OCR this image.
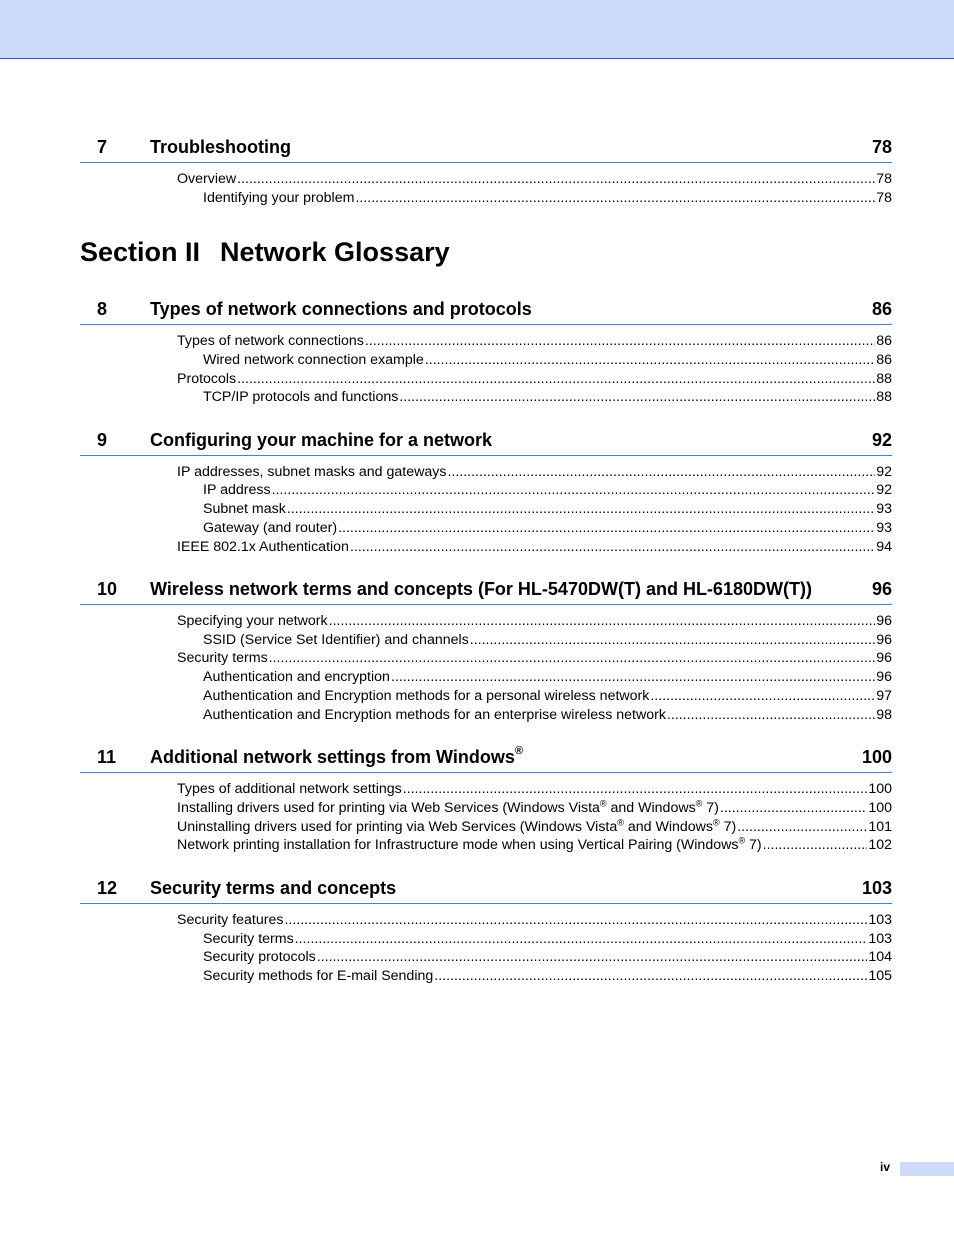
7 Troubleshooting	78
Overview .....	78
Identifying your problem .....	78
Section II Network Glossary
8 Types of network connections and protocols	86
Types of network connections .....	86
Wired network connection example .....	86
Protocols .....	88
TCP/IP protocols and functions .....	88
9 Configuring your machine for a network	92
IP addresses, subnet masks and gateways .....	92
IP address .....	92
Subnet mask .....	93
Gateway (and router) .....	93
IEEE 802.1x Authentication .....	94
10 Wireless network terms and concepts (For HL-5470DW(T) and HL-6180DW(T))	96
Specifying your network .....	96
SSID (Service Set Identifier) and channels .....	96
Security terms .....	96
Authentication and encryption .....	96
Authentication and Encryption methods for a personal wireless network .....	97
Authentication and Encryption methods for an enterprise wireless network .....	98
11 Additional network settings from Windows®	100
Types of additional network settings .....	100
Installing drivers used for printing via Web Services (Windows Vista® and Windows® 7) .....	100
Uninstalling drivers used for printing via Web Services (Windows Vista® and Windows® 7) .....	101
Network printing installation for Infrastructure mode when using Vertical Pairing (Windows® 7) .....	102
12 Security terms and concepts	103
Security features .....	103
Security terms .....	103
Security protocols .....	104
Security methods for E-mail Sending .....	105
iv
